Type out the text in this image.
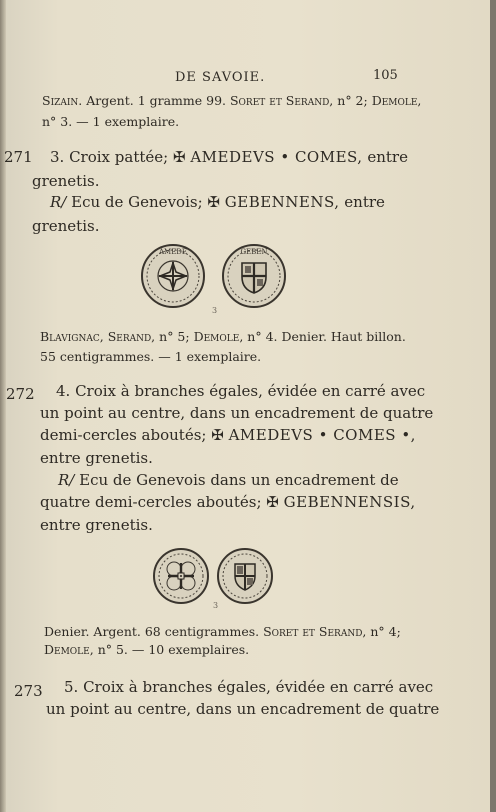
DE SAVOIE.	105
Sizain. Argent. 1 gramme 99. Soret et Serand, n° 2; Demole,
n° 3. — 1 exemplaire.
271 3. Croix pattée; ✠ AMEDEVS • COMES, entre
grenetis.
R/ Ecu de Genevois; ✠ GEBENNENS, entre
grenetis.
AMEDE	GEBEN
3
Blavignac, Serand, n° 5; Demole, n° 4. Denier. Haut billon.
55 centigrammes. — 1 exemplaire.
272 4. Croix à branches égales, évidée en carré avec
un point au centre, dans un encadrement de quatre
demi-cercles aboutés; ✠ AMEDEVS • COMES •,
entre grenetis.
R/ Ecu de Genevois dans un encadrement de
quatre demi-cercles aboutés; ✠ GEBENNENSIS,
entre grenetis.
3
Denier. Argent. 68 centigrammes. Soret et Serand, n° 4;
Demole, n° 5. — 10 exemplaires.
273 5. Croix à branches égales, évidée en carré avec
un point au centre, dans un encadrement de quatre
